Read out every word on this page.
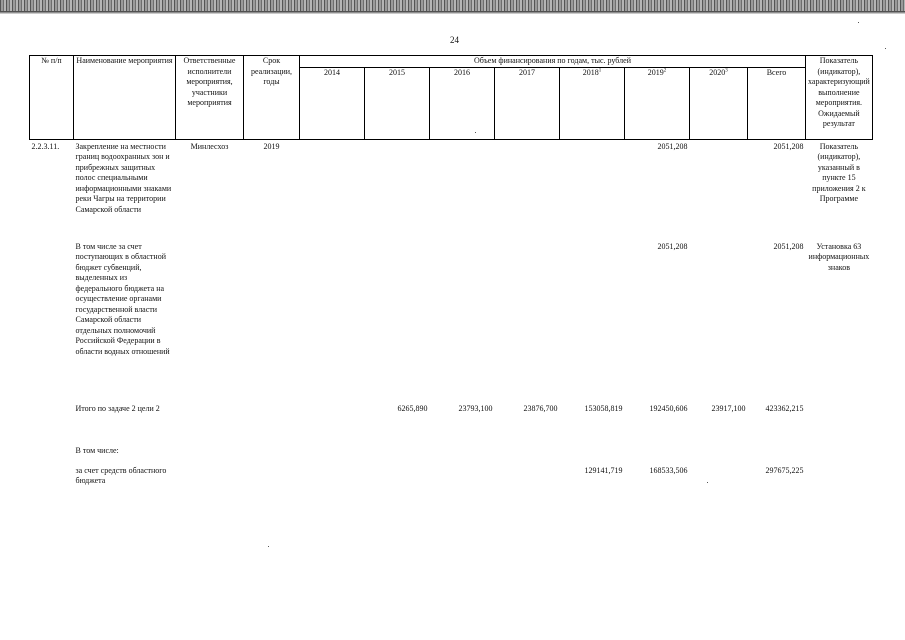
24
№ п/п	Наименование мероприятия	Ответственные исполнители мероприятия, участники мероприятия	Срок реализации, годы	Объем финансирования по годам, тыс. рублей								Показатель (индикатор), характеризующий выполнение мероприятия. Ожидаемый результат
				2014	2015	2016	2017	2018$^1$	2019$^2$	2020$^3$	Всего	
2.2.3.11.	Закрепление на местности границ водоохранных зон и прибрежных защитных полос специальными информационными знаками реки Чагры на территории Самарской области	Минлесхоз	2019						2051,208		2051,208	Показатель (индикатор), указанный в пункте 15 приложения 2 к Программе
	В том числе за счет поступающих в областной бюджет субвенций, выделенных из федерального бюджета на осуществление органами государственной власти Самарской области отдельных полномочий Российской Федерации в области водных отношений								2051,208		2051,208	Установка 63 информационных знаков
	Итого по задаче 2 цели 2				6265,890	23793,100	23876,700	153058,819	192450,606	23917,100	423362,215	
	В том числе:											
	за счет средств областного бюджета							129141,719	168533,506		297675,225	
